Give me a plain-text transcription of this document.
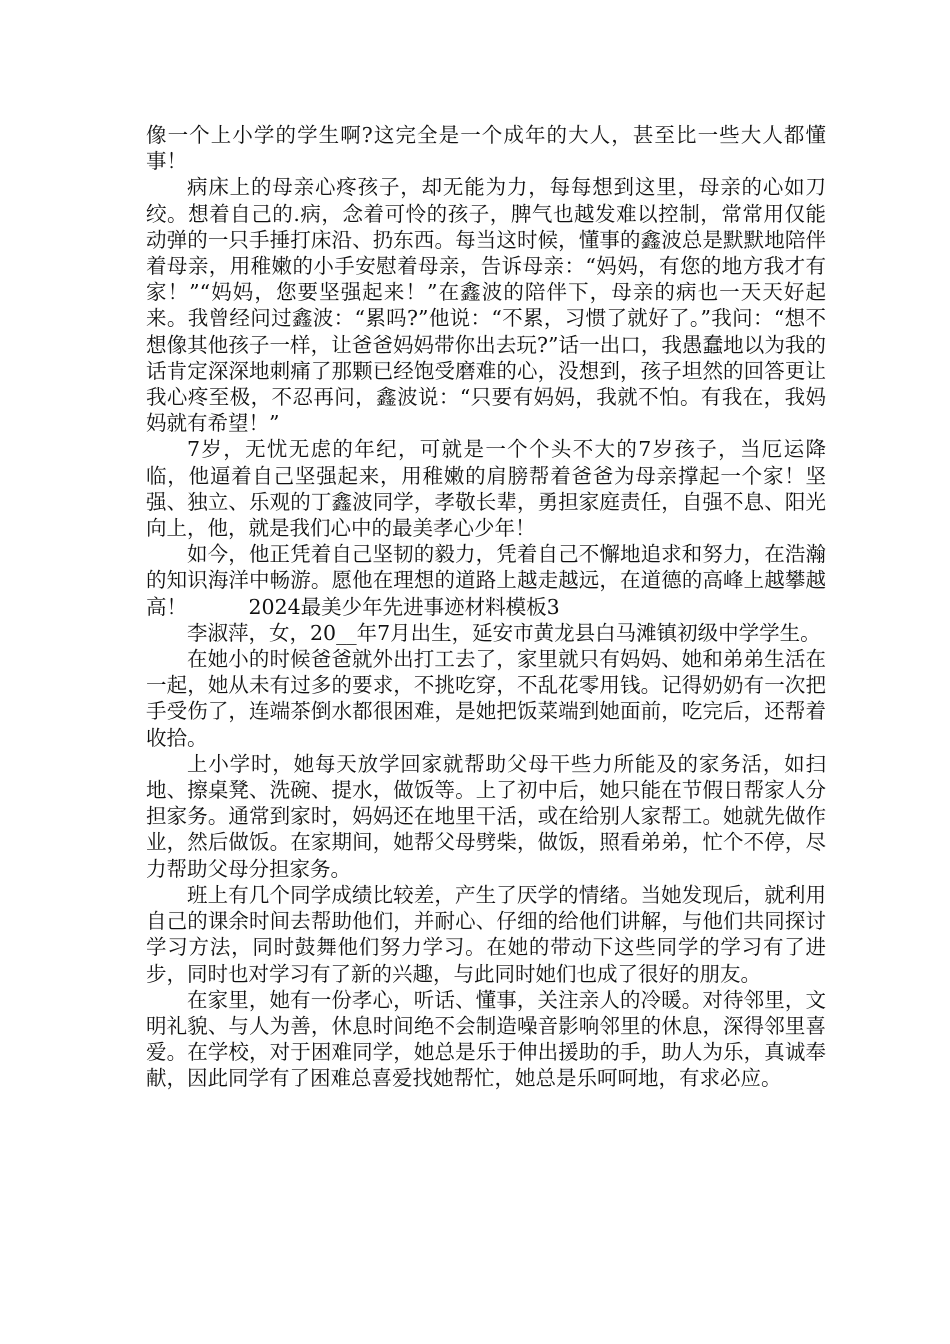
像一个上小学的学生啊?这完全是一个成年的大人，甚至比一些大人都懂事！

病床上的母亲心疼孩子，却无能为力，每每想到这里，母亲的心如刀绞。想着自己的.病，念着可怜的孩子，脾气也越发难以控制，常常用仅能动弹的一只手捶打床沿、扔东西。每当这时候，懂事的鑫波总是默默地陪伴着母亲，用稚嫩的小手安慰着母亲，告诉母亲：“妈妈，有您的地方我才有家！”“妈妈，您要坚强起来！”在鑫波的陪伴下，母亲的病也一天天好起来。我曾经问过鑫波：“累吗?”他说：“不累，习惯了就好了。”我问：“想不想像其他孩子一样，让爸爸妈妈带你出去玩?”话一出口，我愚蠢地以为我的话肯定深深地刺痛了那颗已经饱受磨难的心，没想到，孩子坦然的回答更让我心疼至极，不忍再问，鑫波说：“只要有妈妈，我就不怕。有我在，我妈妈就有希望！”

7岁，无忧无虑的年纪，可就是一个个头不大的7岁孩子，当厄运降临，他逼着自己坚强起来，用稚嫩的肩膀帮着爸爸为母亲撑起一个家！坚强、独立、乐观的丁鑫波同学，孝敬长辈，勇担家庭责任，自强不息、阳光向上，他，就是我们心中的最美孝心少年！

如今，他正凭着自己坚韧的毅力，凭着自己不懈地追求和努力，在浩瀚的知识海洋中畅游。愿他在理想的道路上越走越远，在道德的高峰上越攀越高！	2024最美少年先进事迹材料模板3

李淑萍，女，20__年7月出生，延安市黄龙县白马滩镇初级中学学生。

在她小的时候爸爸就外出打工去了，家里就只有妈妈、她和弟弟生活在一起，她从未有过多的要求，不挑吃穿，不乱花零用钱。记得奶奶有一次把手受伤了，连端茶倒水都很困难，是她把饭菜端到她面前，吃完后，还帮着收拾。

上小学时，她每天放学回家就帮助父母干些力所能及的家务活，如扫地、擦桌凳、洗碗、提水，做饭等。上了初中后，她只能在节假日帮家人分担家务。通常到家时，妈妈还在地里干活，或在给别人家帮工。她就先做作业，然后做饭。在家期间，她帮父母劈柴，做饭，照看弟弟，忙个不停，尽力帮助父母分担家务。

班上有几个同学成绩比较差，产生了厌学的情绪。当她发现后，就利用自己的课余时间去帮助他们，并耐心、仔细的给他们讲解，与他们共同探讨学习方法，同时鼓舞他们努力学习。在她的带动下这些同学的学习有了进步，同时也对学习有了新的兴趣，与此同时她们也成了很好的朋友。

在家里，她有一份孝心，听话、懂事，关注亲人的冷暖。对待邻里，文明礼貌、与人为善，休息时间绝不会制造噪音影响邻里的休息，深得邻里喜爱。在学校，对于困难同学，她总是乐于伸出援助的手，助人为乐，真诚奉献，因此同学有了困难总喜爱找她帮忙，她总是乐呵呵地，有求必应。
